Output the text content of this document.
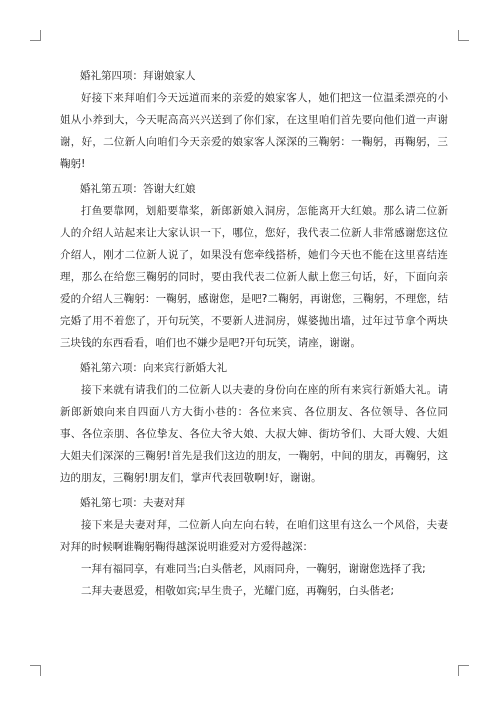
婚礼第四项：拜谢娘家人

好接下来拜咱们今天远道而来的亲爱的娘家客人，她们把这一位温柔漂亮的小姐从小养到大，今天呢高高兴兴送到了你们家，在这里咱们首先要向他们道一声谢谢，好，二位新人向咱们今天亲爱的娘家客人深深的三鞠躬：一鞠躬，再鞠躬，三鞠躬!

婚礼第五项：答谢大红娘

打鱼要靠网，划船要靠桨，新郎新娘入洞房，怎能离开大红娘。那么请二位新人的介绍人站起来让大家认识一下，哪位，您好，我代表二位新人非常感谢您这位介绍人，刚才二位新人说了，如果没有您牵线搭桥，她们今天也不能在这里喜结连理，那么在给您三鞠躬的同时，要由我代表二位新人献上您三句话，好，下面向亲爱的介绍人三鞠躬：一鞠躬，感谢您，是吧?二鞠躬，再谢您，三鞠躬，不理您，结完婚了用不着您了，开句玩笑，不要新人进洞房，媒婆抛出墙，过年过节拿个两块三块钱的东西看看，咱们也不嫌少是吧?开句玩笑，请座，谢谢。

婚礼第六项：向来宾行新婚大礼

接下来就有请我们的二位新人以夫妻的身份向在座的所有来宾行新婚大礼。请新郎新娘向来自四面八方大街小巷的：各位来宾、各位朋友、各位领导、各位同事、各位亲朋、各位挚友、各位大爷大娘、大叔大婶、街坊爷们、大哥大嫂、大姐大姐夫们深深的三鞠躬!首先是我们这边的朋友，一鞠躬，中间的朋友，再鞠躬，这边的朋友，三鞠躬!朋友们，掌声代表回敬啊!好，谢谢。

婚礼第七项：夫妻对拜

接下来是夫妻对拜，二位新人向左向右转，在咱们这里有这么一个风俗，夫妻对拜的时候啊谁鞠躬鞠得越深说明谁爱对方爱得越深：

一拜有福同享，有难同当;白头偕老，风雨同舟，一鞠躬，谢谢您选择了我;

二拜夫妻恩爱，相敬如宾;早生贵子，光耀门庭，再鞠躬，白头偕老;
